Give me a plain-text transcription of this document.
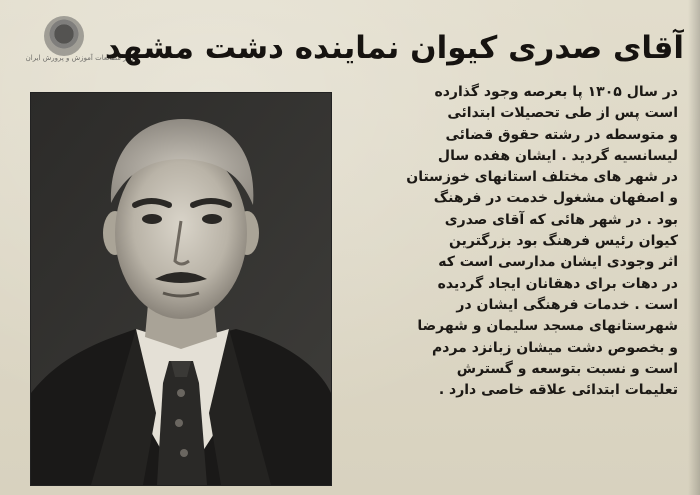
مرکز مطالعات آموزش و پرورش ایران
آقای صدری کیوان نماینده دشت مشهد

در سال ۱۳۰۵ پا بعرصه وجود گذارده

است پس از طی تحصیلات ابتدائی

و متوسطه در رشته حقوق قضائی

لیسانسیه گردید . ایشان هفده سال

در شهر های مختلف استانهای خوزستان

و اصفهان مشغول خدمت در فرهنگ

بود . در شهر هائی که آقای صدری

کیوان رئیس فرهنگ بود بزرگترین

اثر وجودی ایشان مدارسی است که

در دهات برای دهقانان ایجاد گردیده

است . خدمات فرهنگی ایشان در

شهرستانهای مسجد سلیمان و شهرضا

و بخصوص دشت میشان زبانزد مردم

است و نسبت بتوسعه و گسترش

تعلیمات ابتدائی علاقه خاصی دارد .
